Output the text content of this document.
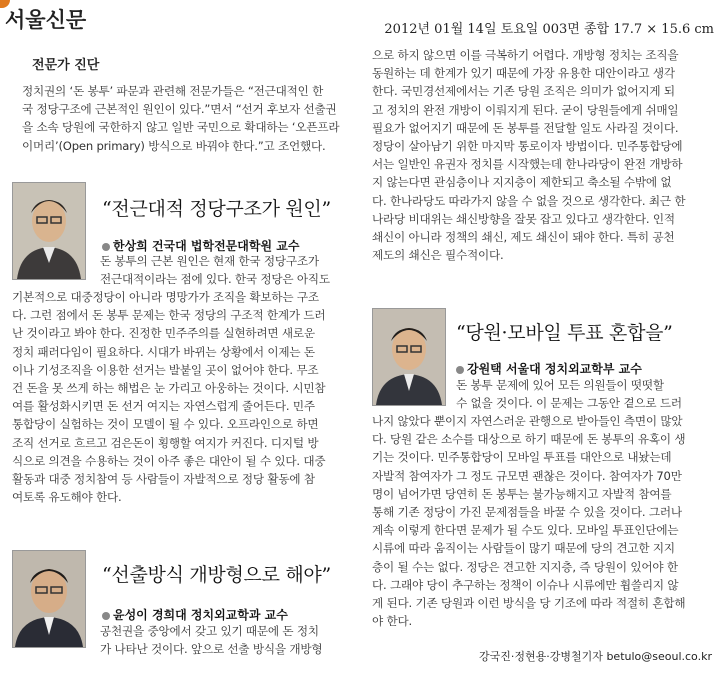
서울신문	2012년 01월 14일 토요일 003면 종합 17.7 × 15.6 cm
전문가 진단
정치권의 ‘돈 봉투’ 파문과 관련해 전문가들은 “전근대적인 한
국 정당구조에 근본적인 원인이 있다.”면서 “선거 후보자 선출권
을 소속 당원에 국한하지 않고 일반 국민으로 확대하는 ‘오픈프라
이머리’(Open primary) 방식으로 바꿔야 한다.”고 조언했다.
“전근대적 정당구조가 원인”
한상희 건국대 법학전문대학원 교수
돈 봉투의 근본 원인은 현재 한국 정당구조가
전근대적이라는 점에 있다. 한국 정당은 아직도
기본적으로 대중정당이 아니라 명망가가 조직을 확보하는 구조
다. 그런 점에서 돈 봉투 문제는 한국 정당의 구조적 한계가 드러
난 것이라고 봐야 한다. 진정한 민주주의를 실현하려면 새로운
정치 패러다임이 필요하다. 시대가 바뀌는 상황에서 이제는 돈
이나 기성조직을 이용한 선거는 발붙일 곳이 없어야 한다. 무조
건 돈을 못 쓰게 하는 해법은 눈 가리고 아웅하는 것이다. 시민참
여를 활성화시키면 돈 선거 여지는 자연스럽게 줄어든다. 민주
통합당이 실험하는 것이 모델이 될 수 있다. 오프라인으로 하면
조직 선거로 흐르고 검은돈이 횡행할 여지가 커진다. 디지털 방
식으로 의견을 수용하는 것이 아주 좋은 대안이 될 수 있다. 대중
활동과 대중 정치참여 등 사람들이 자발적으로 정당 활동에 참
여토록 유도해야 한다.
“선출방식 개방형으로 해야”
윤성이 경희대 정치외교학과 교수
공천권을 중앙에서 갖고 있기 때문에 돈 정치
가 나타난 것이다. 앞으로 선출 방식을 개방형
으로 하지 않으면 이를 극복하기 어렵다. 개방형 정치는 조직을
동원하는 데 한계가 있기 때문에 가장 유용한 대안이라고 생각
한다. 국민경선제에서는 기존 당원 조직은 의미가 없어지게 되
고 정치의 완전 개방이 이뤄지게 된다. 굳이 당원들에게 쉬매일
필요가 없어지기 때문에 돈 봉투를 전달할 일도 사라질 것이다.
정당이 살아남기 위한 마지막 통로이자 방법이다. 민주통합당에
서는 일반인 유권자 정치를 시작했는데 한나라당이 완전 개방하
지 않는다면 관심층이나 지지층이 제한되고 축소될 수밖에 없
다. 한나라당도 따라가지 않을 수 없을 것으로 생각한다. 최근 한
나라당 비대위는 쇄신방향을 잘못 잡고 있다고 생각한다. 인적
쇄신이 아니라 정책의 쇄신, 제도 쇄신이 돼야 한다. 특히 공천
제도의 쇄신은 필수적이다.
“당원·모바일 투표 혼합을”
강원택 서울대 정치외교학부 교수
돈 봉투 문제에 있어 모든 의원들이 떳떳할
수 없을 것이다. 이 문제는 그동안 곁으로 드러
나지 않았다 뿐이지 자연스러운 관행으로 받아들인 측면이 많았
다. 당원 같은 소수를 대상으로 하기 때문에 돈 봉투의 유혹이 생
기는 것이다. 민주통합당이 모바일 투표를 대안으로 내놨는데
자발적 참여자가 그 정도 규모면 괜찮은 것이다. 참여자가 70만
명이 넘어가면 당연히 돈 봉투는 불가능해지고 자발적 참여를
통해 기존 정당이 가진 문제점들을 바꿀 수 있을 것이다. 그러나
계속 이렇게 한다면 문제가 될 수도 있다. 모바일 투표인단에는
시류에 따라 움직이는 사람들이 많기 때문에 당의 견고한 지지
층이 될 수는 없다. 정당은 견고한 지지층, 즉 당원이 있어야 한
다. 그래야 당이 추구하는 정책이 이슈나 시류에만 휩쓸리지 않
게 된다. 기존 당원과 이런 방식을 당 기조에 따라 적절히 혼합해
야 한다.
강국진·정현용·강병철기자 betulo@seoul.co.kr
